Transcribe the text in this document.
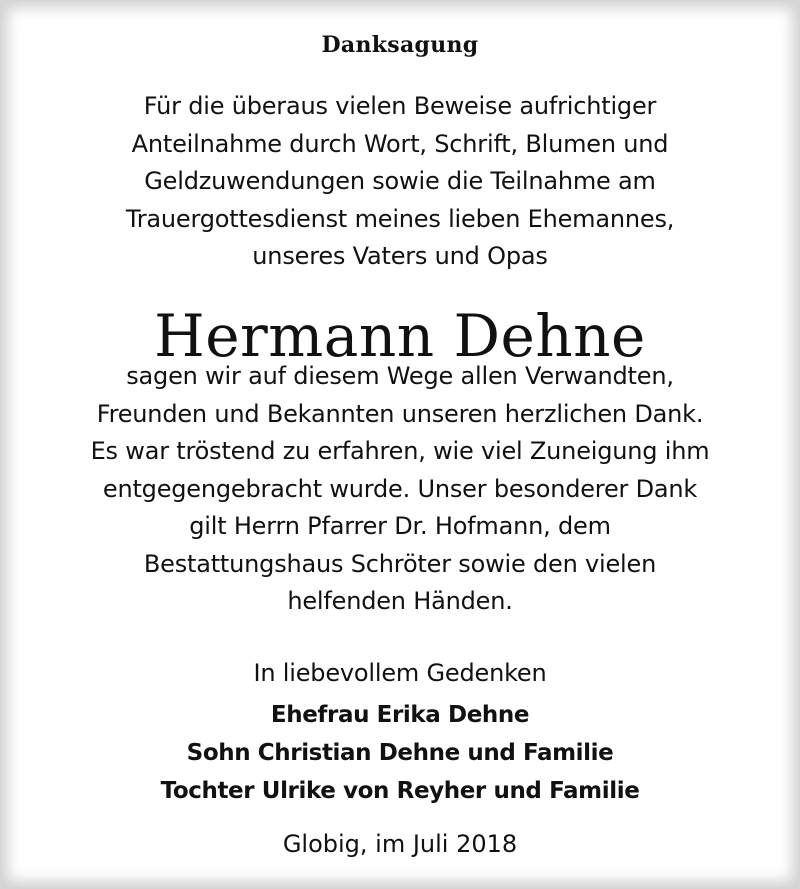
Danksagung
Für die überaus vielen Beweise aufrichtiger
Anteilnahme durch Wort, Schrift, Blumen und
Geldzuwendungen sowie die Teilnahme am
Trauergottesdienst meines lieben Ehemannes,
unseres Vaters und Opas
Hermann Dehne
sagen wir auf diesem Wege allen Verwandten,
Freunden und Bekannten unseren herzlichen Dank.
Es war tröstend zu erfahren, wie viel Zuneigung ihm
entgegengebracht wurde. Unser besonderer Dank
gilt Herrn Pfarrer Dr. Hofmann, dem
Bestattungshaus Schröter sowie den vielen
helfenden Händen.
In liebevollem Gedenken
Ehefrau Erika Dehne
Sohn Christian Dehne und Familie
Tochter Ulrike von Reyher und Familie
Globig, im Juli 2018
